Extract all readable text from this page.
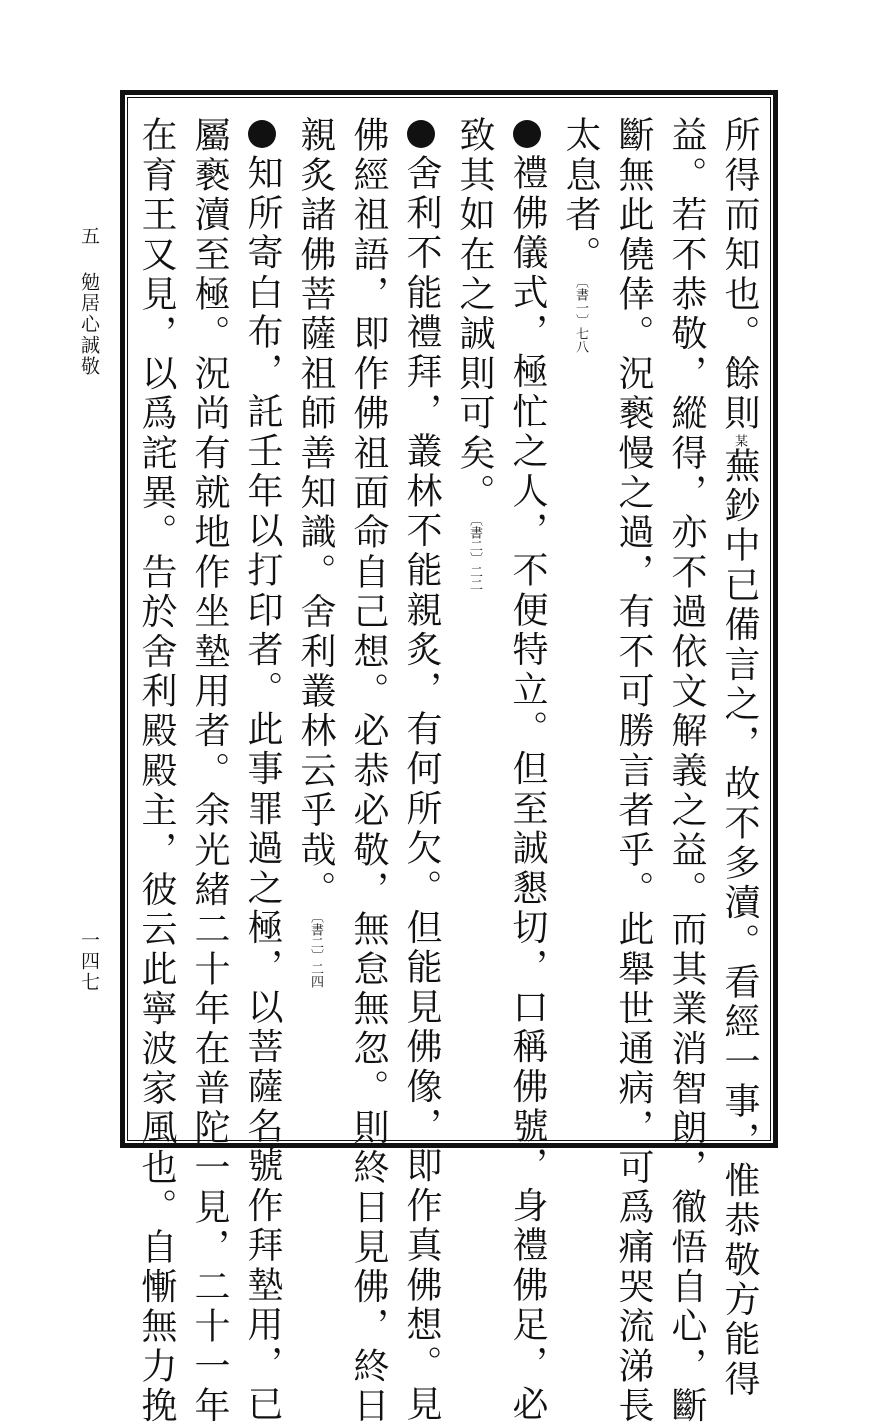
所得而知也。餘則某蕪鈔中已備言之，故不多瀆。看經一事，惟恭敬方能得
益。若不恭敬，縱得，亦不過依文解義之益。而其業消智朗，徹悟自心，斷
斷無此僥倖。況褻慢之過，有不可勝言者乎。此舉世通病，可爲痛哭流涕長
太息者。〔書一〕七八
禮佛儀式，極忙之人，不便特立。但至誠懇切，口稱佛號，身禮佛足，必
致其如在之誠則可矣。〔書二〕二二
舍利不能禮拜，叢林不能親炙，有何所欠。但能見佛像，即作真佛想。見
佛經祖語，即作佛祖面命自己想。必恭必敬，無怠無忽。則終日見佛，終日
親炙諸佛菩薩祖師善知識。舍利叢林云乎哉。〔書二〕二四
知所寄白布，託壬年以打印者。此事罪過之極，以菩薩名號作拜墊用，已
屬褻瀆至極。況尚有就地作坐墊用者。余光緒二十年在普陀一見，二十一年
在育王又見，以爲詫異。告於舍利殿殿主，彼云此寧波家風也。自慚無力挽
五
勉居心誠敬
一四七
